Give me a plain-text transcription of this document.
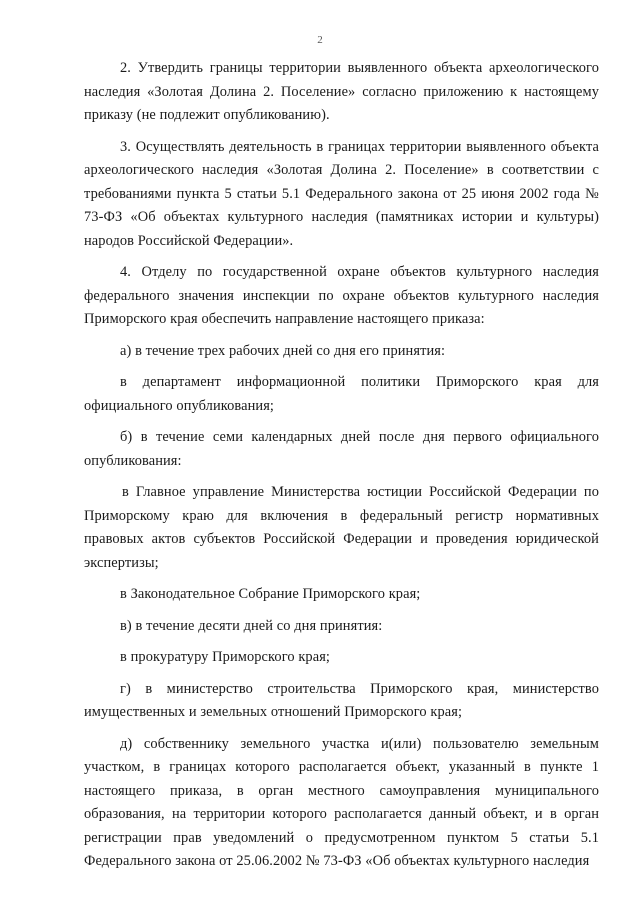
2

2. Утвердить границы территории выявленного объекта археологического наследия «Золотая Долина 2. Поселение» согласно приложению к настоящему приказу (не подлежит опубликованию).

3. Осуществлять деятельность в границах территории выявленного объекта археологического наследия «Золотая Долина 2. Поселение» в соответствии с требованиями пункта 5 статьи 5.1 Федерального закона от 25 июня 2002 года № 73-ФЗ «Об объектах культурного наследия (памятниках истории и культуры) народов Российской Федерации».

4. Отделу по государственной охране объектов культурного наследия федерального значения инспекции по охране объектов культурного наследия Приморского края обеспечить направление настоящего приказа:

а) в течение трех рабочих дней со дня его принятия:

в департамент информационной политики Приморского края для официального опубликования;

б) в течение семи календарных дней после дня первого официального опубликования:

в Главное управление Министерства юстиции Российской Федерации по Приморскому краю для включения в федеральный регистр нормативных правовых актов субъектов Российской Федерации и проведения юридической экспертизы;

в Законодательное Собрание Приморского края;

в) в течение десяти дней со дня принятия:

в прокуратуру Приморского края;

г) в министерство строительства Приморского края, министерство имущественных и земельных отношений Приморского края;

д) собственнику земельного участка и(или) пользователю земельным участком, в границах которого располагается объект, указанный в пункте 1 настоящего приказа, в орган местного самоуправления муниципального образования, на территории которого располагается данный объект, и в орган регистрации прав уведомлений о предусмотренном пунктом 5 статьи 5.1 Федерального закона от 25.06.2002 № 73-ФЗ «Об объектах культурного наследия
